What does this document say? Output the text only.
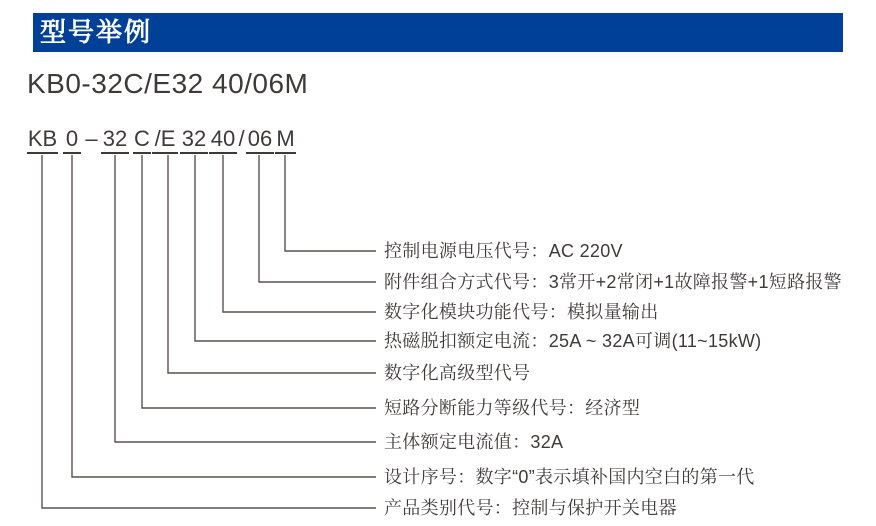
型号举例
KB0-32C/E32 40/06M
KB 0 – 32 C /E 32 40 / 06 M
控制电源电压代号：AC 220V
附件组合方式代号：3常开+2常闭+1故障报警+1短路报警
数字化模块功能代号：模拟量输出
热磁脱扣额定电流：25A ~ 32A可调(11~15kW)
数字化高级型代号
短路分断能力等级代号：经济型
主体额定电流值：32A
设计序号：数字“0”表示填补国内空白的第一代
产品类别代号：控制与保护开关电器
